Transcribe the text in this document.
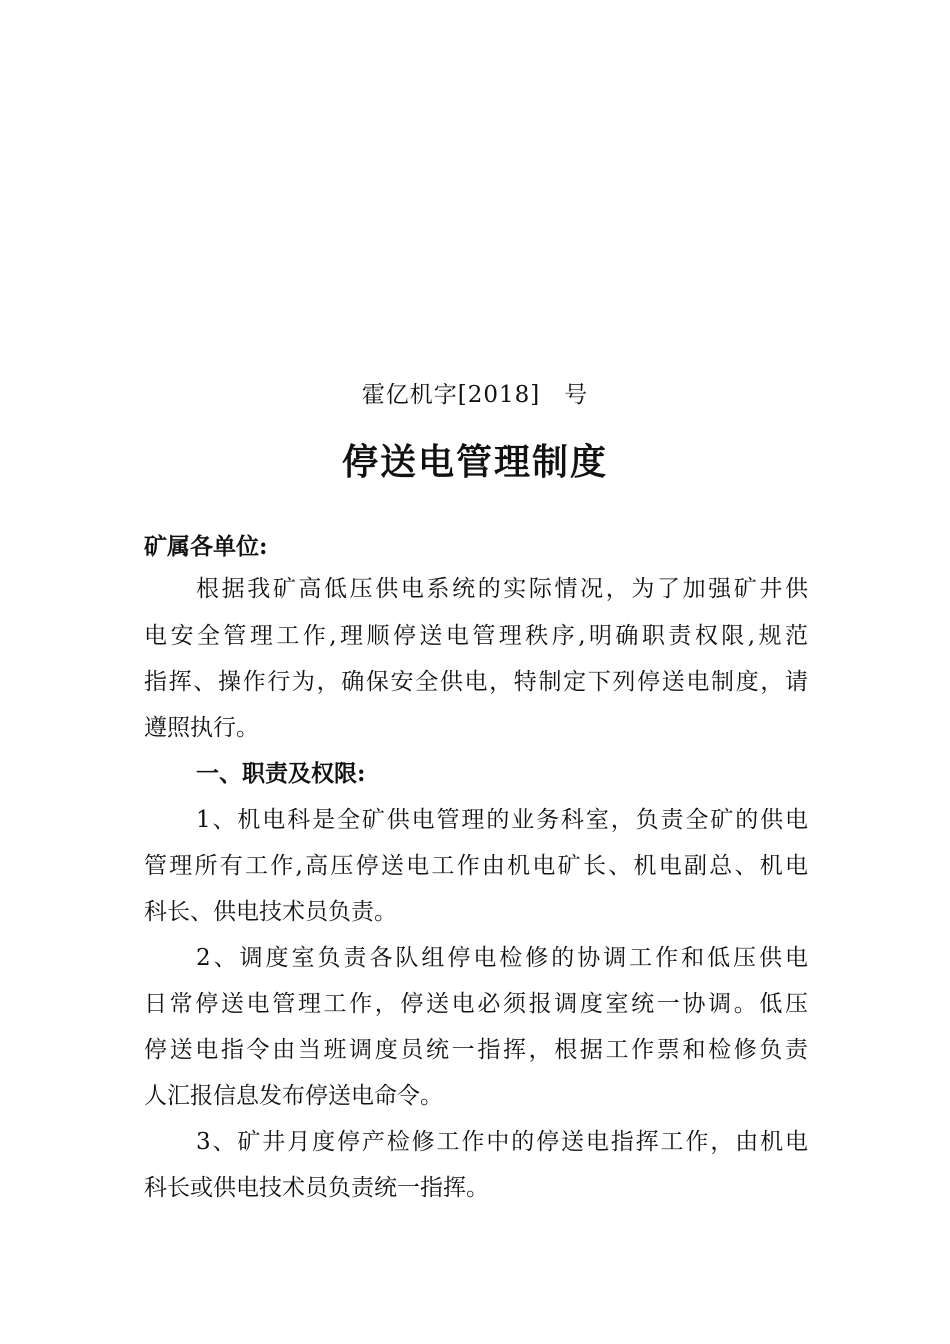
霍亿机字[2018]　号
停送电管理制度
矿属各单位:
根据我矿高低压供电系统的实际情况，为了加强矿井供
电安全管理工作,理顺停送电管理秩序,明确职责权限,规范
指挥、操作行为，确保安全供电，特制定下列停送电制度，请
遵照执行。
一、职责及权限:
1、机电科是全矿供电管理的业务科室，负责全矿的供电
管理所有工作,高压停送电工作由机电矿长、机电副总、机电
科长、供电技术员负责。
2、调度室负责各队组停电检修的协调工作和低压供电
日常停送电管理工作，停送电必须报调度室统一协调。低压
停送电指令由当班调度员统一指挥，根据工作票和检修负责
人汇报信息发布停送电命令。
3、矿井月度停产检修工作中的停送电指挥工作，由机电
科长或供电技术员负责统一指挥。
